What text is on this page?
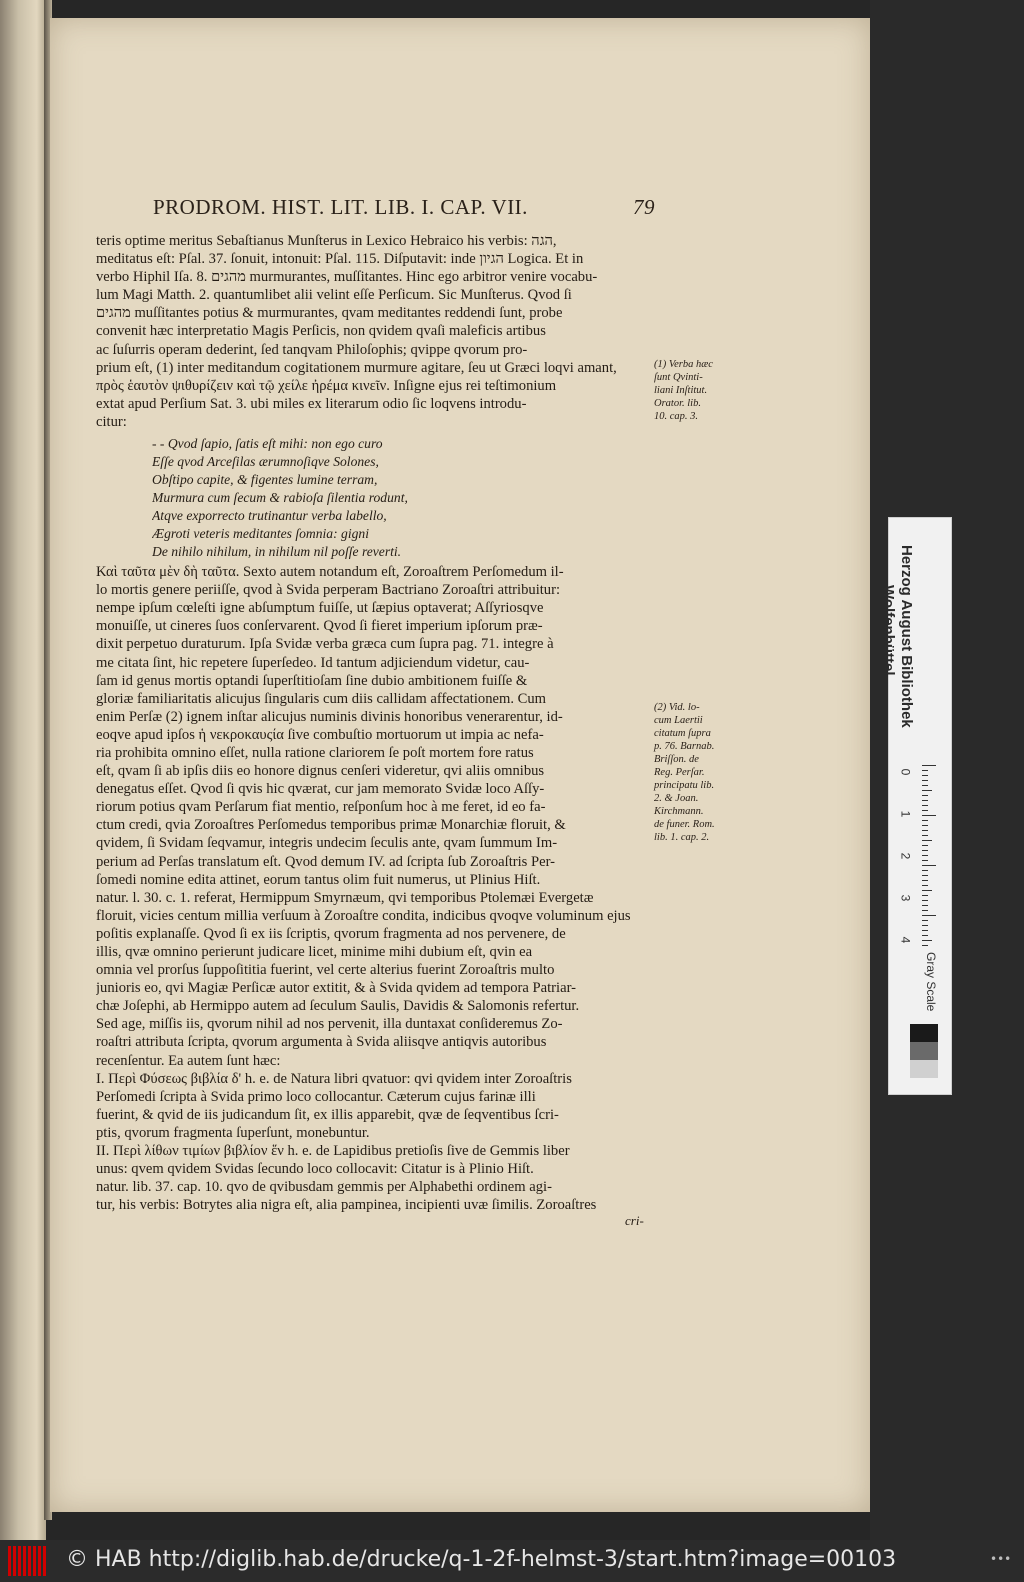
PRODROM. HIST. LIT. LIB. I. CAP. VII.	79
teris optime meritus Sebaſtianus Munſterus in Lexico Hebraico his verbis: הגה,
meditatus eſt: Pſal. 37. ſonuit, intonuit: Pſal. 115. Diſputavit: inde הגיון Logica. Et in
verbo Hiphil Iſa. 8. מהגים murmurantes, muſſitantes. Hinc ego arbitror venire vocabu-
lum Magi Matth. 2. quantumlibet alii velint eſſe Perſicum. Sic Munſterus. Qvod ſi
מהגים muſſitantes potius & murmurantes, qvam meditantes reddendi ſunt, probe
convenit hæc interpretatio Magis Perſicis, non qvidem qvaſi maleficis artibus
ac ſuſurris operam dederint, ſed tanqvam Philoſophis; qvippe qvorum pro-
prium eſt, (1) inter meditandum cogitationem murmure agitare, ſeu ut Græci loqvi amant,
πρὸς ἑαυτὸν ψιθυρίζειν καὶ τῷ χείλε ἠρέμα κινεῖν. Inſigne ejus rei teſtimonium
extat apud Perſium Sat. 3. ubi miles ex literarum odio ſic loqvens introdu-
citur:
- - Qvod ſapio, ſatis eſt mihi: non ego curo
Eſſe qvod Arceſilas ærumnoſiqve Solones,
Obſtipo capite, & figentes lumine terram,
Murmura cum ſecum & rabioſa ſilentia rodunt,
Atqve exporrecto trutinantur verba labello,
Ægroti veteris meditantes ſomnia: gigni
De nihilo nihilum, in nihilum nil poſſe reverti.
Καὶ ταῦτα μὲν δὴ ταῦτα. Sexto autem notandum eſt, Zoroaſtrem Perſomedum il-
lo mortis genere periiſſe, qvod à Svida perperam Bactriano Zoroaſtri attribuitur:
nempe ipſum cœleſti igne abſumptum fuiſſe, ut ſæpius optaverat; Aſſyriosqve
monuiſſe, ut cineres ſuos conſervarent. Qvod ſi fieret imperium ipſorum præ-
dixit perpetuo duraturum. Ipſa Svidæ verba græca cum ſupra pag. 71. integre à
me citata ſint, hic repetere ſuperſedeo. Id tantum adjiciendum videtur, cau-
ſam id genus mortis optandi ſuperſtitioſam ſine dubio ambitionem fuiſſe &
gloriæ familiaritatis alicujus ſingularis cum diis callidam affectationem. Cum
enim Perſæ (2) ignem inſtar alicujus numinis divinis honoribus venerarentur, id-
eoqve apud ipſos ἡ νεκροκαυςία ſive combuſtio mortuorum ut impia ac nefa-
ria prohibita omnino eſſet, nulla ratione clariorem ſe poſt mortem fore ratus
eſt, qvam ſi ab ipſis diis eo honore dignus cenſeri videretur, qvi aliis omnibus
denegatus eſſet. Qvod ſi qvis hic qværat, cur jam memorato Svidæ loco Aſſy-
riorum potius qvam Perſarum fiat mentio, reſponſum hoc à me feret, id eo fa-
ctum credi, qvia Zoroaſtres Perſomedus temporibus primæ Monarchiæ floruit, &
qvidem, ſi Svidam ſeqvamur, integris undecim ſeculis ante, qvam ſummum Im-
perium ad Perſas translatum eſt. Qvod demum IV. ad ſcripta ſub Zoroaſtris Per-
ſomedi nomine edita attinet, eorum tantus olim fuit numerus, ut Plinius Hiſt.
natur. l. 30. c. 1. referat, Hermippum Smyrnæum, qvi temporibus Ptolemæi Evergetæ
floruit, vicies centum millia verſuum à Zoroaſtre condita, indicibus qvoqve voluminum ejus
poſitis explanaſſe. Qvod ſi ex iis ſcriptis, qvorum fragmenta ad nos pervenere, de
illis, qvæ omnino perierunt judicare licet, minime mihi dubium eſt, qvin ea
omnia vel prorſus ſuppoſititia fuerint, vel certe alterius fuerint Zoroaſtris multo
junioris eo, qvi Magiæ Perſicæ autor extitit, & à Svida qvidem ad tempora Patriar-
chæ Joſephi, ab Hermippo autem ad ſeculum Saulis, Davidis & Salomonis refertur.
Sed age, miſſis iis, qvorum nihil ad nos pervenit, illa duntaxat conſideremus Zo-
roaſtri attributa ſcripta, qvorum argumenta à Svida aliisqve antiqvis autoribus
recenſentur. Ea autem ſunt hæc:
I. Περὶ Φύσεως βιβλία δ' h. e. de Natura libri qvatuor: qvi qvidem inter Zoroaſtris
Perſomedi ſcripta à Svida primo loco collocantur. Cæterum cujus farinæ illi
fuerint, & qvid de iis judicandum ſit, ex illis apparebit, qvæ de ſeqventibus ſcri-
ptis, qvorum fragmenta ſuperſunt, monebuntur.
II. Περὶ λίθων τιμίων βιβλίον ἕν h. e. de Lapidibus pretioſis ſive de Gemmis liber
unus: qvem qvidem Svidas ſecundo loco collocavit: Citatur is à Plinio Hiſt.
natur. lib. 37. cap. 10. qvo de qvibusdam gemmis per Alphabethi ordinem agi-
tur, his verbis: Botrytes alia nigra eſt, alia pampinea, incipienti uvæ ſimilis. Zoroaſtres
(1) Verba hæc
ſunt Qvinti-
liani Inſtitut.
Orator. lib.
10. cap. 3.
(2) Vid. lo-
cum Laertii
citatum ſupra
p. 76. Barnab.
Briſſon. de
Reg. Perſar.
principatu lib.
2. & Joan.
Kirchmann.
de funer. Rom.
lib. 1. cap. 2.
cri-
Herzog August Bibliothek
Wolfenbüttel
0
1
2
3
4
Gray Scale
© HAB http://diglib.hab.de/drucke/q-1-2f-helmst-3/start.htm?image=00103	•••
